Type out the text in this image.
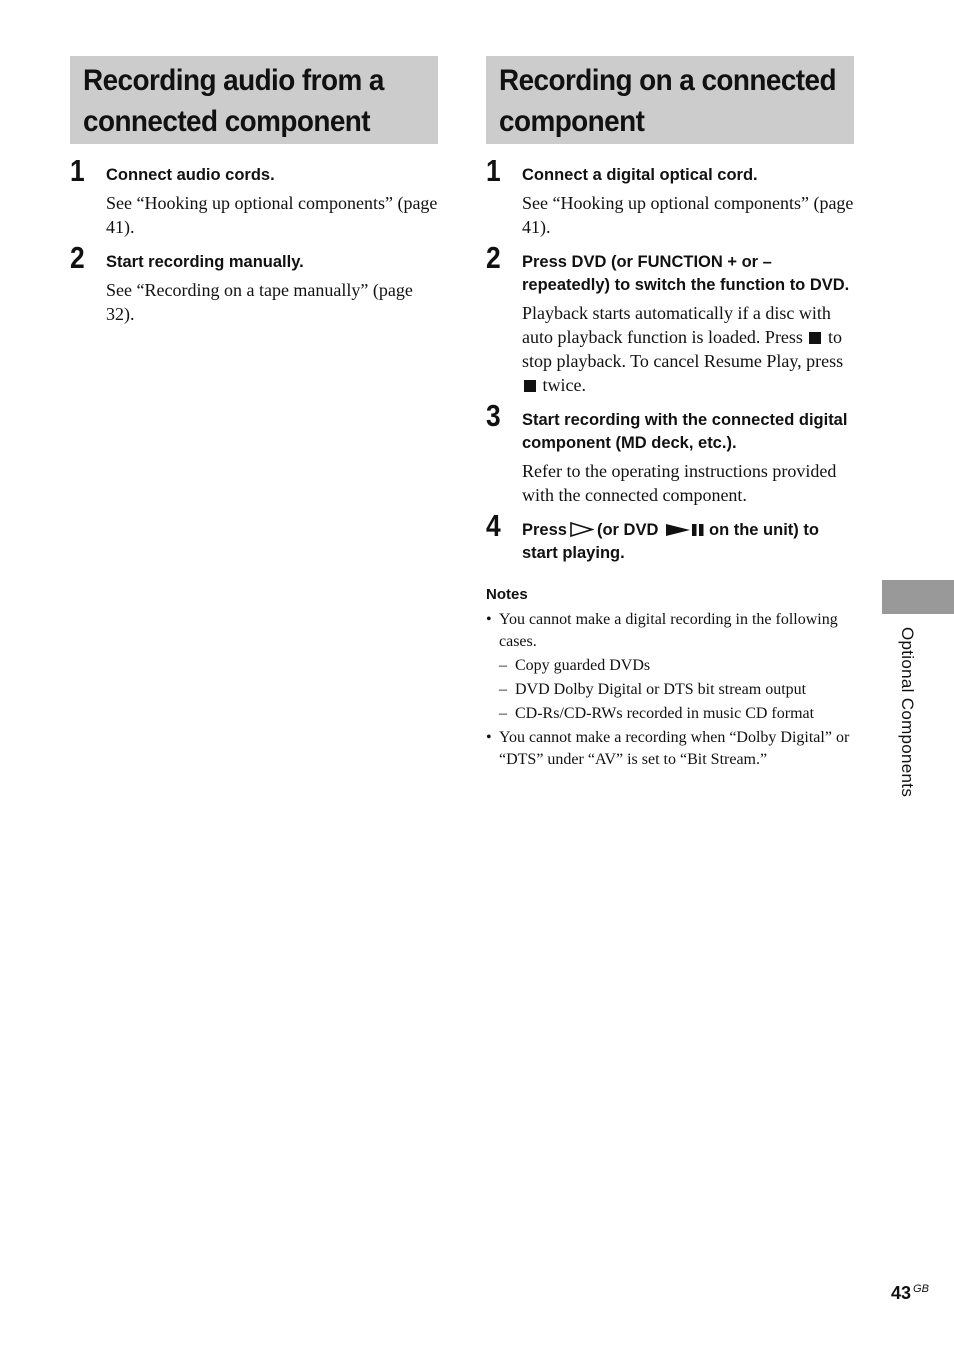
Recording audio from a
connected component
1 Connect audio cords.

See “Hooking up optional components” (page 41).

2 Start recording manually.

See “Recording on a tape manually” (page 32).

Recording on a connected
component
1 Connect a digital optical cord.

See “Hooking up optional components” (page 41).

2 Press DVD (or FUNCTION + or – repeatedly) to switch the function to DVD.

Playback starts automatically if a disc with auto playback function is loaded. Press to stop playback. To cancel Resume Play, press  twice.

3 Start recording with the connected digital component (MD deck, etc.).

Refer to the operating instructions provided with the connected component.

4 Press (or DVD	on the unit) to start playing.

Notes

• You cannot make a digital recording in the following cases.
– Copy guarded DVDs
– DVD Dolby Digital or DTS bit stream output
– CD-Rs/CD-RWs recorded in music CD format
• You cannot make a recording when “Dolby Digital” or “DTS” under “AV” is set to “Bit Stream.”	Optional Components
43 $^{GB}$
